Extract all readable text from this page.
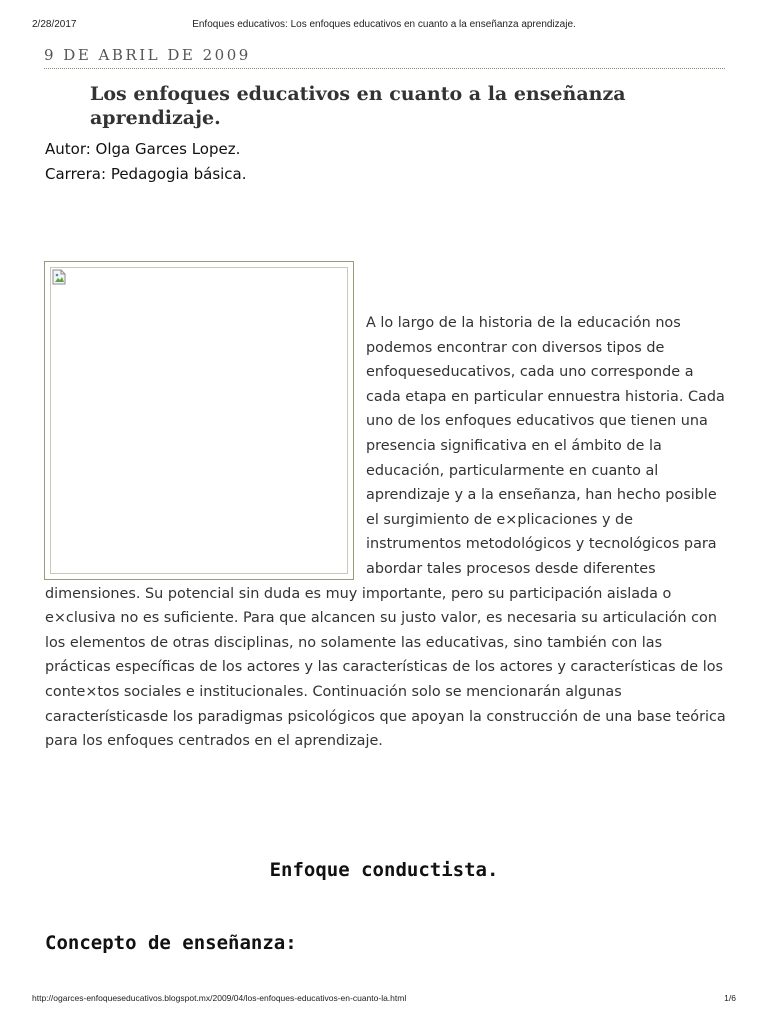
2/28/2017	Enfoques educativos: Los enfoques educativos en cuanto a la enseñanza aprendizaje.
9 DE ABRIL DE 2009
Los enfoques educativos en cuanto a la enseñanza aprendizaje.
Autor: Olga Garces Lopez.
Carrera: Pedagogia básica.

A lo largo de la historia de la educación nos podemos encontrar con diversos tipos de enfoqueseducativos, cada uno corresponde a cada etapa en particular ennuestra historia. Cada uno de los enfoques educativos que tienen una presencia significativa en el ámbito de la educación, particularmente en cuanto al aprendizaje y a la enseñanza, han hecho posible el surgimiento de e×plicaciones y de instrumentos metodológicos y tecnológicos para abordar tales procesos desde diferentes dimensiones. Su potencial sin duda es muy importante, pero su participación aislada o e×clusiva no es suficiente. Para que alcancen su justo valor, es necesaria su articulación con los elementos de otras disciplinas, no solamente las educativas, sino también con las prácticas específicas de los actores y las características de los actores y características de los conte×tos sociales e institucionales. Continuación solo se mencionarán algunas característicasde los paradigmas psicológicos que apoyan la construcción de una base teórica para los enfoques centrados en el aprendizaje.

Enfoque conductista.
Concepto de enseñanza:
http://ogarces-enfoqueseducativos.blogspot.mx/2009/04/los-enfoques-educativos-en-cuanto-la.html	1/6
